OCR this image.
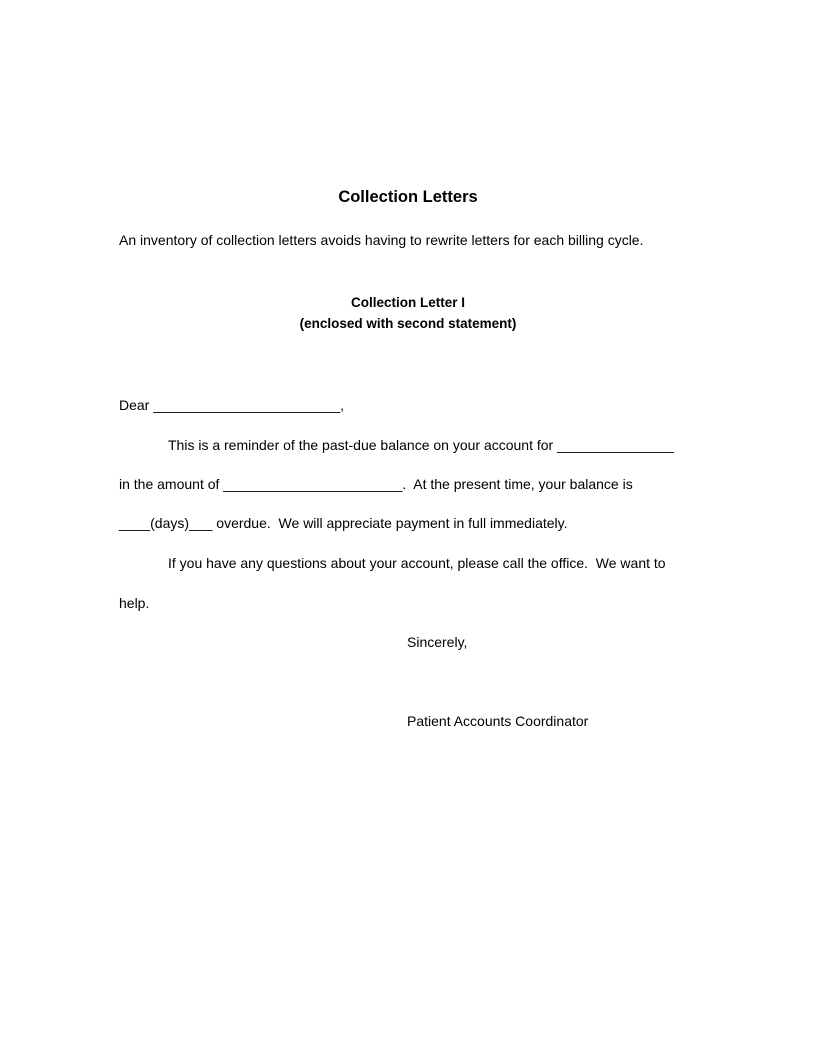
Collection Letters
An inventory of collection letters avoids having to rewrite letters for each billing cycle.
Collection Letter I
(enclosed with second statement)
Dear ________________________,
This is a reminder of the past-due balance on your account for _______________
in the amount of _______________________.  At the present time, your balance is
____(days)___ overdue.  We will appreciate payment in full immediately.
If you have any questions about your account, please call the office.  We want to
help.
Sincerely,
Patient Accounts Coordinator
